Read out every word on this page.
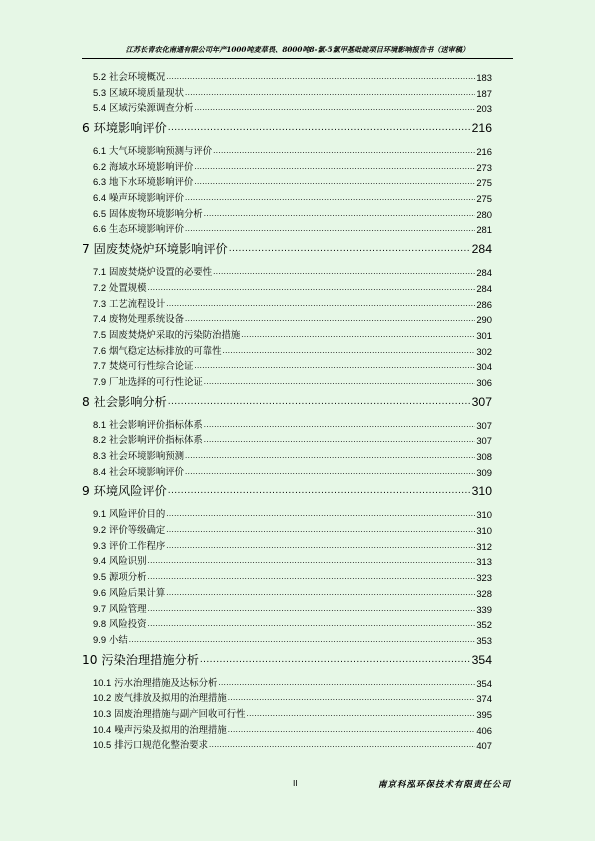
江苏长青农化南通有限公司年产1000吨麦草畏、8000吨8-氯-5氯甲基吡啶项目环境影响报告书（送审稿）
5.2 社会环境概况 .....	183
5.3 区域环境质量现状 .....	187
5.4 区域污染源调查分析 .....	203
6 环境影响评价 .....	216
6.1 大气环境影响预测与评价 .....	216
6.2 海域水环境影响评价 .....	273
6.3 地下水环境影响评价 .....	275
6.4 噪声环境影响评价 .....	275
6.5 固体废物环境影响分析 .....	280
6.6 生态环境影响评价 .....	281
7 固废焚烧炉环境影响评价 .....	284
7.1 固废焚烧炉设置的必要性 .....	284
7.2 处置规模 .....	284
7.3 工艺流程设计 .....	286
7.4 废物处理系统设备 .....	290
7.5 固废焚烧炉采取的污染防治措施 .....	301
7.6 烟气稳定达标排放的可靠性 .....	302
7.7 焚烧可行性综合论证 .....	304
7.9 厂址选择的可行性论证 .....	306
8 社会影响分析 .....	307
8.1 社会影响评价指标体系 .....	307
8.2 社会影响评价指标体系 .....	307
8.3 社会环境影响预测 .....	308
8.4 社会环境影响评价 .....	309
9 环境风险评价 .....	310
9.1 风险评价目的 .....	310
9.2 评价等级确定 .....	310
9.3 评价工作程序 .....	312
9.4 风险识别 .....	313
9.5 源项分析 .....	323
9.6 风险后果计算 .....	328
9.7 风险管理 .....	339
9.8 风险投资 .....	352
9.9 小结 .....	353
10 污染治理措施分析 .....	354
10.1 污水治理措施及达标分析 .....	354
10.2 废气排放及拟用的治理措施 .....	374
10.3 固废治理措施与副产回收可行性 .....	395
10.4 噪声污染及拟用的治理措施 .....	406
10.5 排污口规范化整治要求 .....	407
II	南京科泓环保技术有限责任公司
